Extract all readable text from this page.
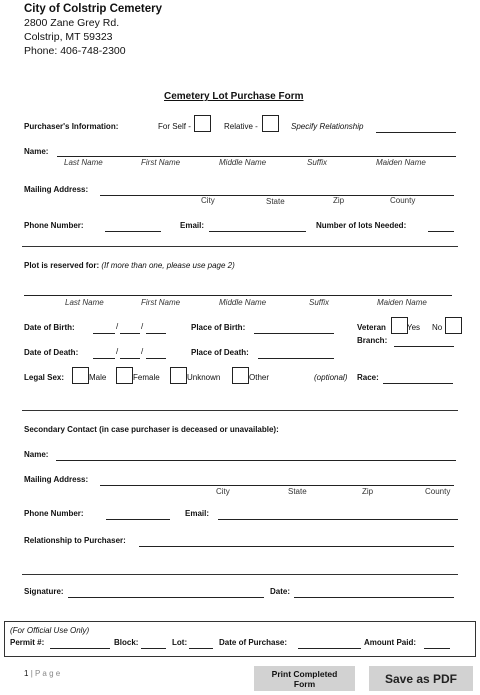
City of Colstrip Cemetery
2800 Zane Grey Rd.
Colstrip, MT 59323
Phone: 406-748-2300
Cemetery Lot Purchase Form
Purchaser's Information:	For Self -	Relative -	Specify Relationship
Name:
Last Name	First Name	Middle Name	Suffix	Maiden Name
Mailing Address:
City	State	Zip	County
Phone Number:	Email:	Number of lots Needed:
Plot is reserved for: (If more than one, please use page 2)
Last Name	First Name	Middle Name	Suffix	Maiden Name
Date of Birth:	/	/	Place of Birth:	Veteran	Yes No
Branch:
Date of Death:	/	/	Place of Death:
Legal Sex:	Male	Female	Unknown	Other	(optional) Race:
Secondary Contact (in case purchaser is deceased or unavailable):
Name:
Mailing Address:
City	State	Zip	County
Phone Number:	Email:
Relationship to Purchaser:
Signature:	Date:
(For Official Use Only)
Permit #:	Block:	Lot:	Date of Purchase:	Amount Paid:
1 | P a g e	Print Completed Form	Save as PDF
